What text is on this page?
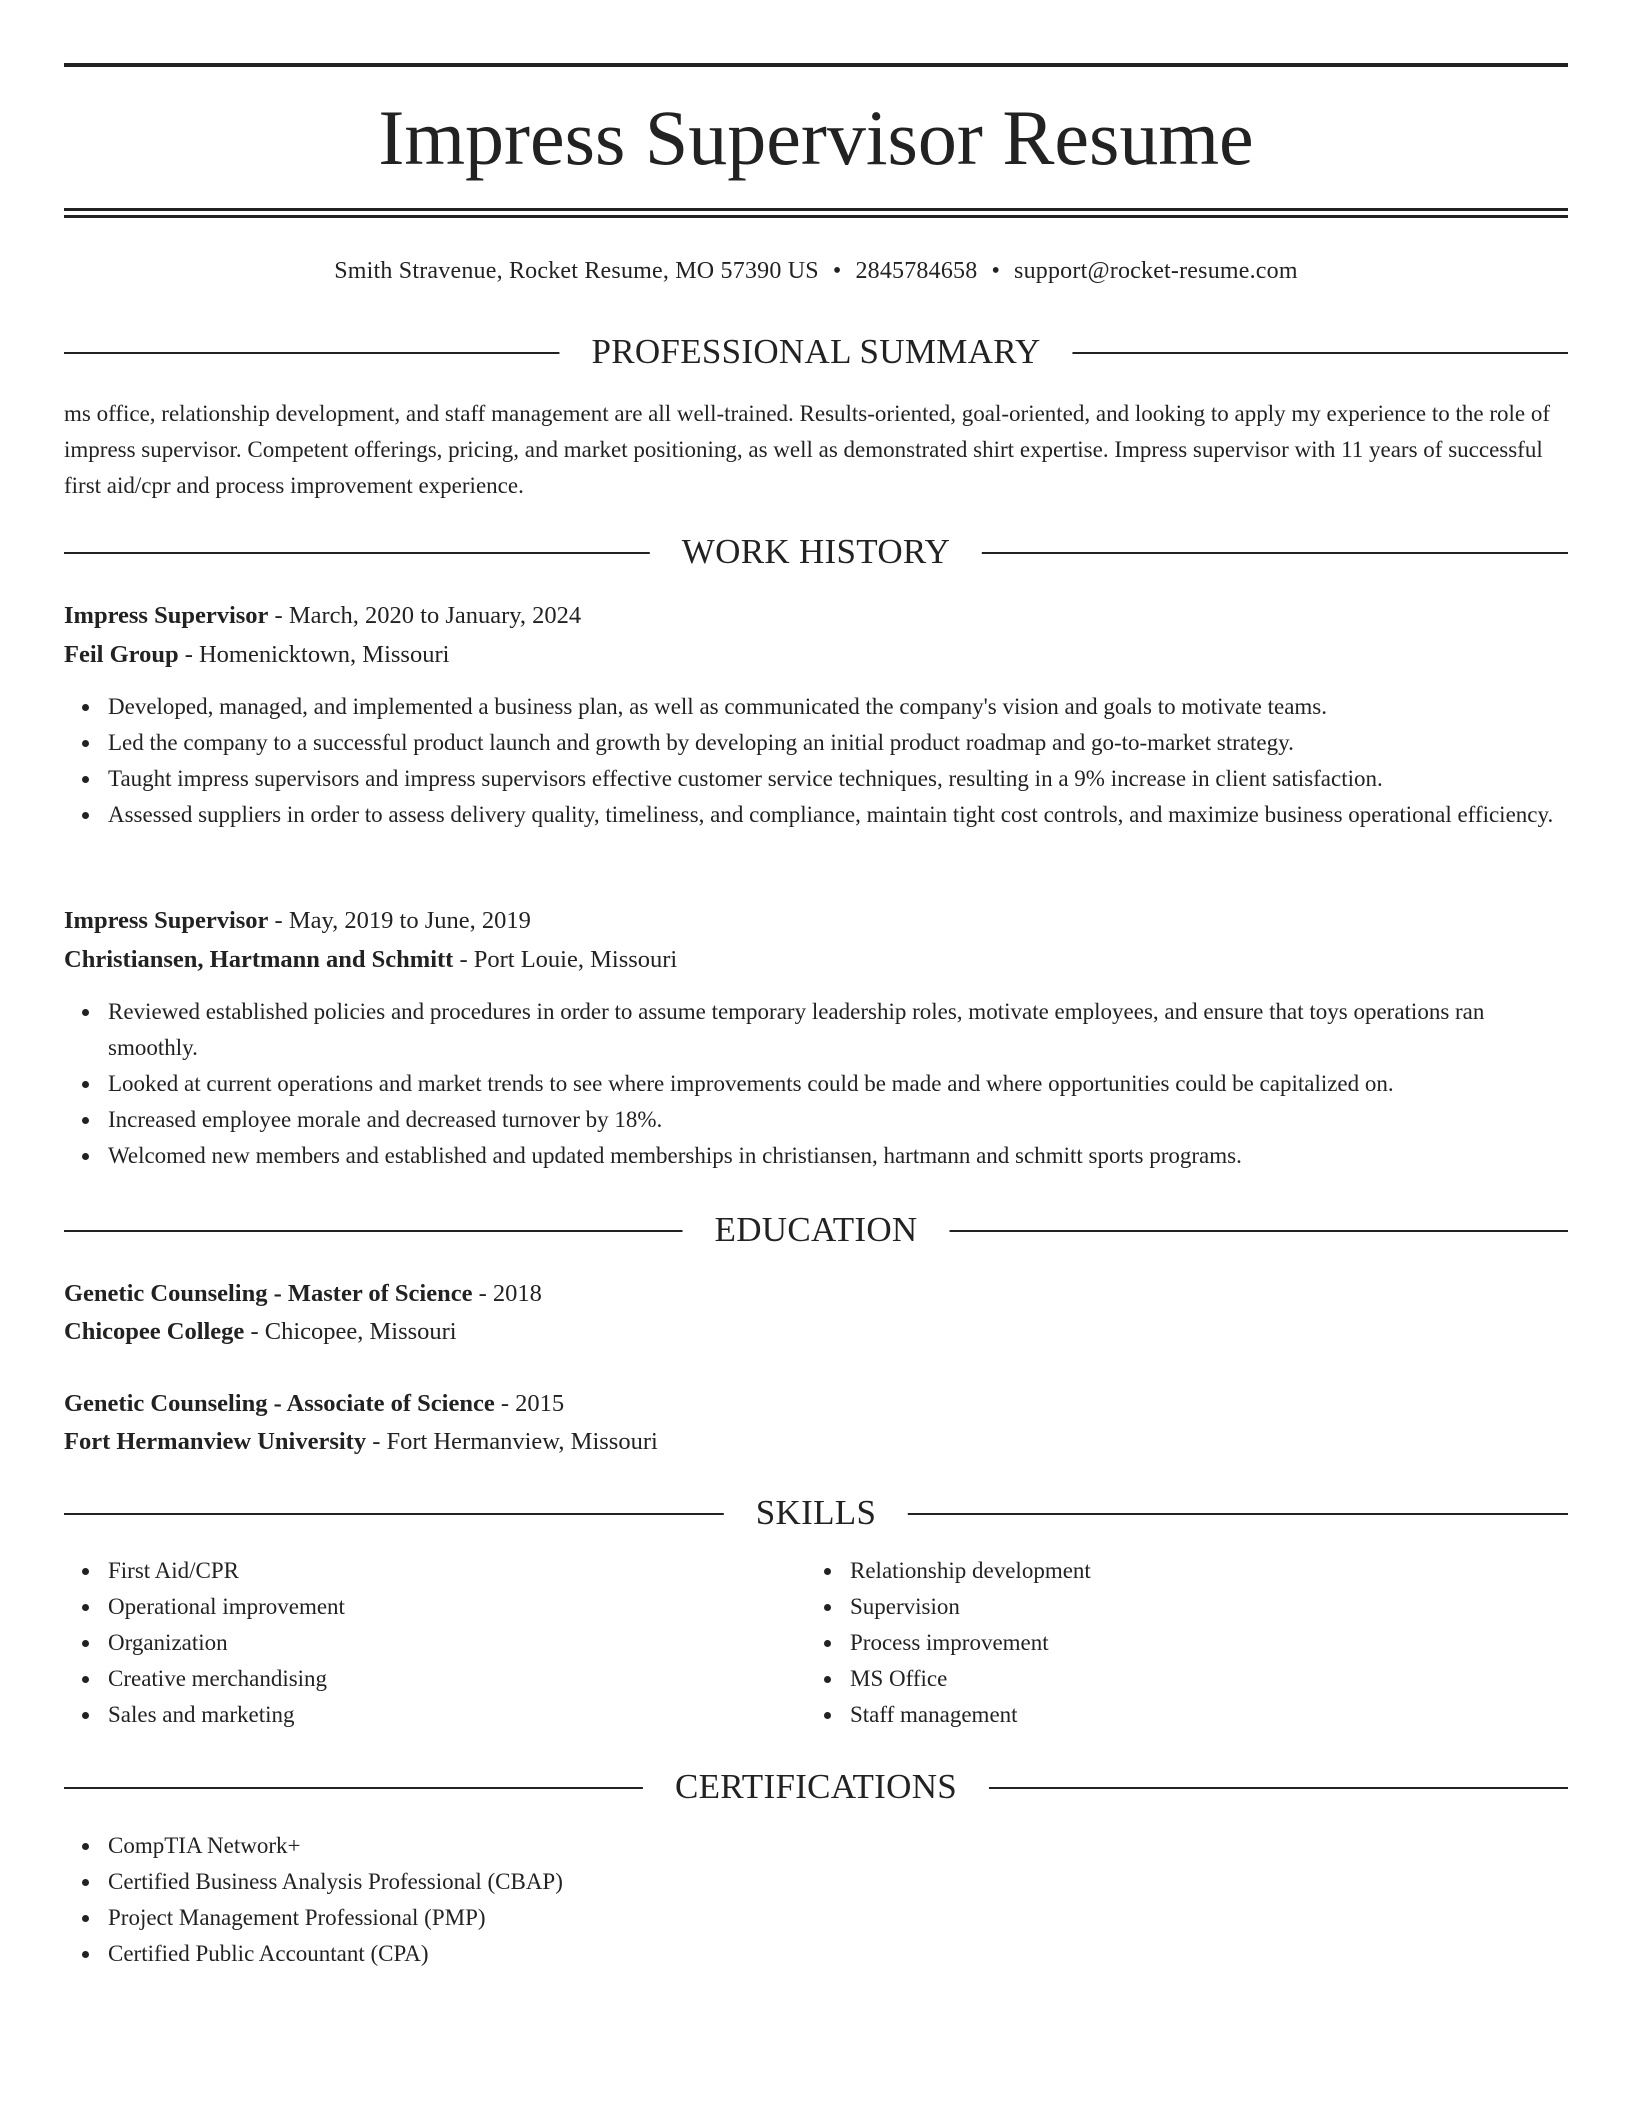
Impress Supervisor Resume
Smith Stravenue, Rocket Resume, MO 57390 US • 2845784658 • support@rocket-resume.com
PROFESSIONAL SUMMARY
ms office, relationship development, and staff management are all well-trained. Results-oriented, goal-oriented, and looking to apply my experience to the role of impress supervisor. Competent offerings, pricing, and market positioning, as well as demonstrated shirt expertise. Impress supervisor with 11 years of successful first aid/cpr and process improvement experience.
WORK HISTORY
Impress Supervisor - March, 2020 to January, 2024
Feil Group - Homenicktown, Missouri
Developed, managed, and implemented a business plan, as well as communicated the company's vision and goals to motivate teams.
Led the company to a successful product launch and growth by developing an initial product roadmap and go-to-market strategy.
Taught impress supervisors and impress supervisors effective customer service techniques, resulting in a 9% increase in client satisfaction.
Assessed suppliers in order to assess delivery quality, timeliness, and compliance, maintain tight cost controls, and maximize business operational efficiency.
Impress Supervisor - May, 2019 to June, 2019
Christiansen, Hartmann and Schmitt - Port Louie, Missouri
Reviewed established policies and procedures in order to assume temporary leadership roles, motivate employees, and ensure that toys operations ran smoothly.
Looked at current operations and market trends to see where improvements could be made and where opportunities could be capitalized on.
Increased employee morale and decreased turnover by 18%.
Welcomed new members and established and updated memberships in christiansen, hartmann and schmitt sports programs.
EDUCATION
Genetic Counseling - Master of Science - 2018
Chicopee College - Chicopee, Missouri
Genetic Counseling - Associate of Science - 2015
Fort Hermanview University - Fort Hermanview, Missouri
SKILLS
First Aid/CPR
Operational improvement
Organization
Creative merchandising
Sales and marketing
Relationship development
Supervision
Process improvement
MS Office
Staff management
CERTIFICATIONS
CompTIA Network+
Certified Business Analysis Professional (CBAP)
Project Management Professional (PMP)
Certified Public Accountant (CPA)
